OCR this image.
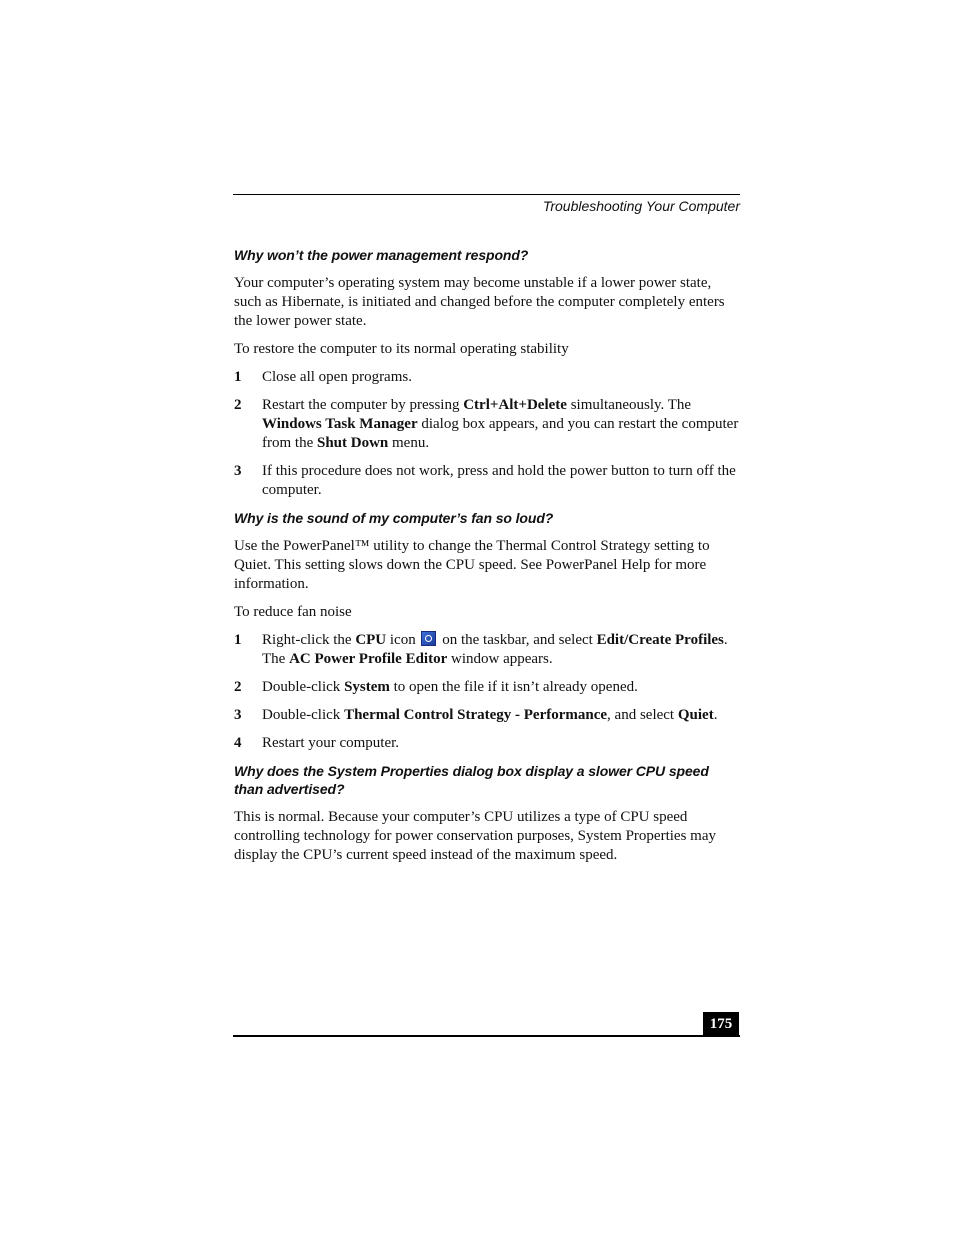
Troubleshooting Your Computer
Why won’t the power management respond?

Your computer’s operating system may become unstable if a lower power state, such as Hibernate, is initiated and changed before the computer completely enters the lower power state.

To restore the computer to its normal operating stability

1	Close all open programs.
2	Restart the computer by pressing Ctrl+Alt+Delete simultaneously. The Windows Task Manager dialog box appears, and you can restart the computer from the Shut Down menu.
3	If this procedure does not work, press and hold the power button to turn off the computer.
Why is the sound of my computer’s fan so loud?

Use the PowerPanel™ utility to change the Thermal Control Strategy setting to Quiet. This setting slows down the CPU speed. See PowerPanel Help for more information.

To reduce fan noise

1	Right-click the CPU icon  on the taskbar, and select Edit/Create Profiles. The AC Power Profile Editor window appears.
2	Double-click System to open the file if it isn’t already opened.
3	Double-click Thermal Control Strategy - Performance, and select Quiet.
4	Restart your computer.
Why does the System Properties dialog box display a slower CPU speed than advertised?

This is normal. Because your computer’s CPU utilizes a type of CPU speed controlling technology for power conservation purposes, System Properties may display the CPU’s current speed instead of the maximum speed.

175
